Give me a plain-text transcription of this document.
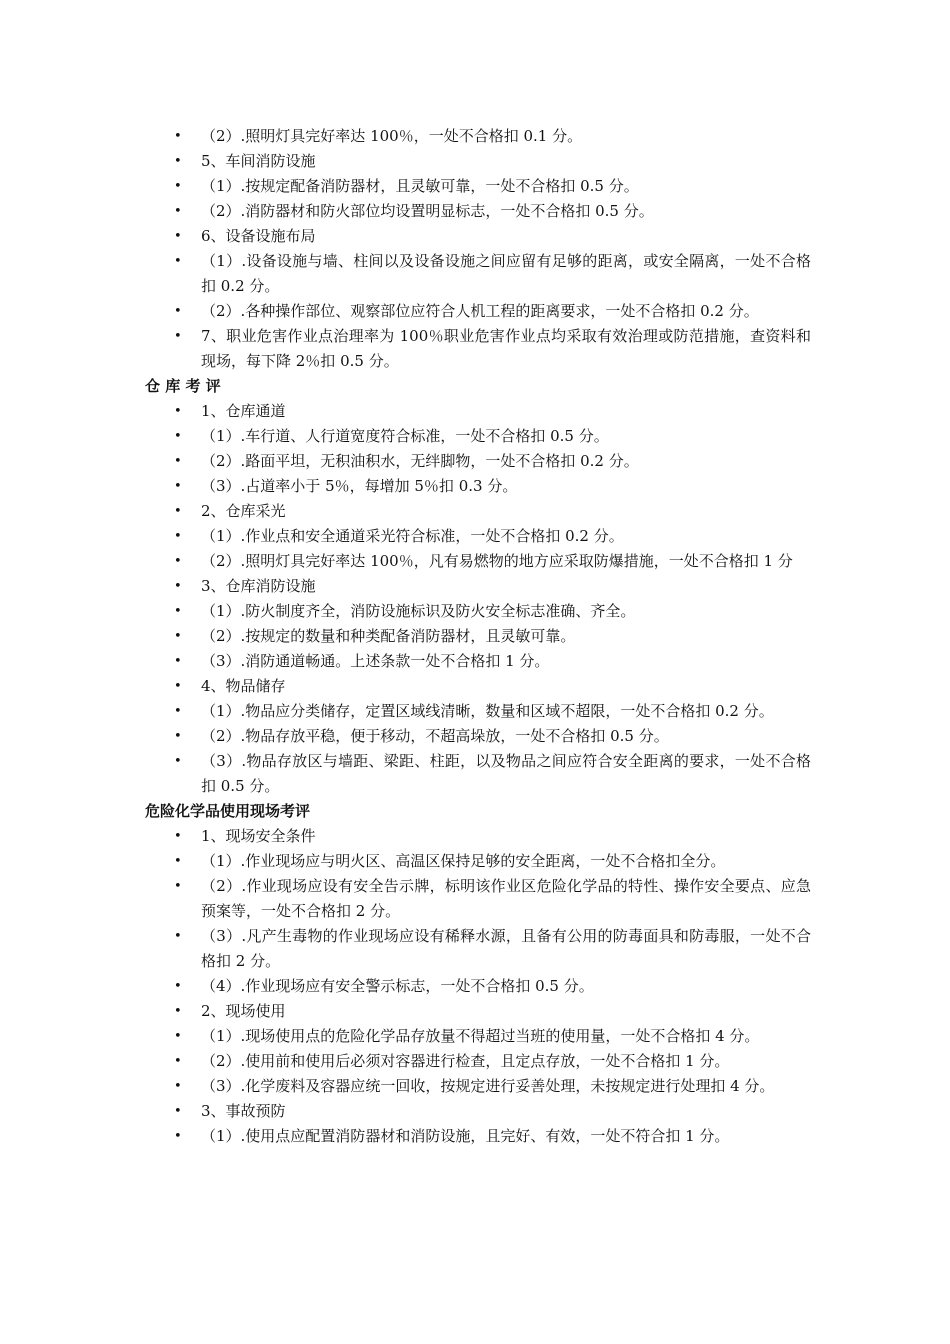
• （2）.照明灯具完好率达 100％，一处不合格扣 0.1 分。
• 5、车间消防设施
• （1）.按规定配备消防器材，且灵敏可靠，一处不合格扣 0.5 分。
• （2）.消防器材和防火部位均设置明显标志，一处不合格扣 0.5 分。
• 6、设备设施布局
• （1）.设备设施与墙、柱间以及设备设施之间应留有足够的距离，或安全隔离，一处不合格扣 0.2 分。
• （2）.各种操作部位、观察部位应符合人机工程的距离要求，一处不合格扣 0.2 分。
• 7、职业危害作业点治理率为 100％职业危害作业点均采取有效治理或防范措施，查资料和现场，每下降 2％扣 0.5 分。
仓 库 考 评
• 1、仓库通道
• （1）.车行道、人行道宽度符合标准，一处不合格扣 0.5 分。
• （2）.路面平坦，无积油积水，无绊脚物，一处不合格扣 0.2 分。
• （3）.占道率小于 5％，每增加 5％扣 0.3 分。
• 2、仓库采光
• （1）.作业点和安全通道采光符合标准，一处不合格扣 0.2 分。
• （2）.照明灯具完好率达 100％，凡有易燃物的地方应采取防爆措施，一处不合格扣 1 分
• 3、仓库消防设施
• （1）.防火制度齐全，消防设施标识及防火安全标志准确、齐全。
• （2）.按规定的数量和种类配备消防器材，且灵敏可靠。
• （3）.消防通道畅通。上述条款一处不合格扣 1 分。
• 4、物品储存
• （1）.物品应分类储存，定置区域线清晰，数量和区域不超限，一处不合格扣 0.2 分。
• （2）.物品存放平稳，便于移动，不超高垛放，一处不合格扣 0.5 分。
• （3）.物品存放区与墙距、梁距、柱距，以及物品之间应符合安全距离的要求，一处不合格扣 0.5 分。
危险化学品使用现场考评
• 1、现场安全条件
• （1）.作业现场应与明火区、高温区保持足够的安全距离，一处不合格扣全分。
• （2）.作业现场应设有安全告示牌，标明该作业区危险化学品的特性、操作安全要点、应急预案等，一处不合格扣 2 分。
• （3）.凡产生毒物的作业现场应设有稀释水源，且备有公用的防毒面具和防毒服，一处不合格扣 2 分。
• （4）.作业现场应有安全警示标志，一处不合格扣 0.5 分。
• 2、现场使用
• （1）.现场使用点的危险化学品存放量不得超过当班的使用量，一处不合格扣 4 分。
• （2）.使用前和使用后必须对容器进行检查，且定点存放，一处不合格扣 1 分。
• （3）.化学废料及容器应统一回收，按规定进行妥善处理，未按规定进行处理扣 4 分。
• 3、事故预防
• （1）.使用点应配置消防器材和消防设施，且完好、有效，一处不符合扣 1 分。
